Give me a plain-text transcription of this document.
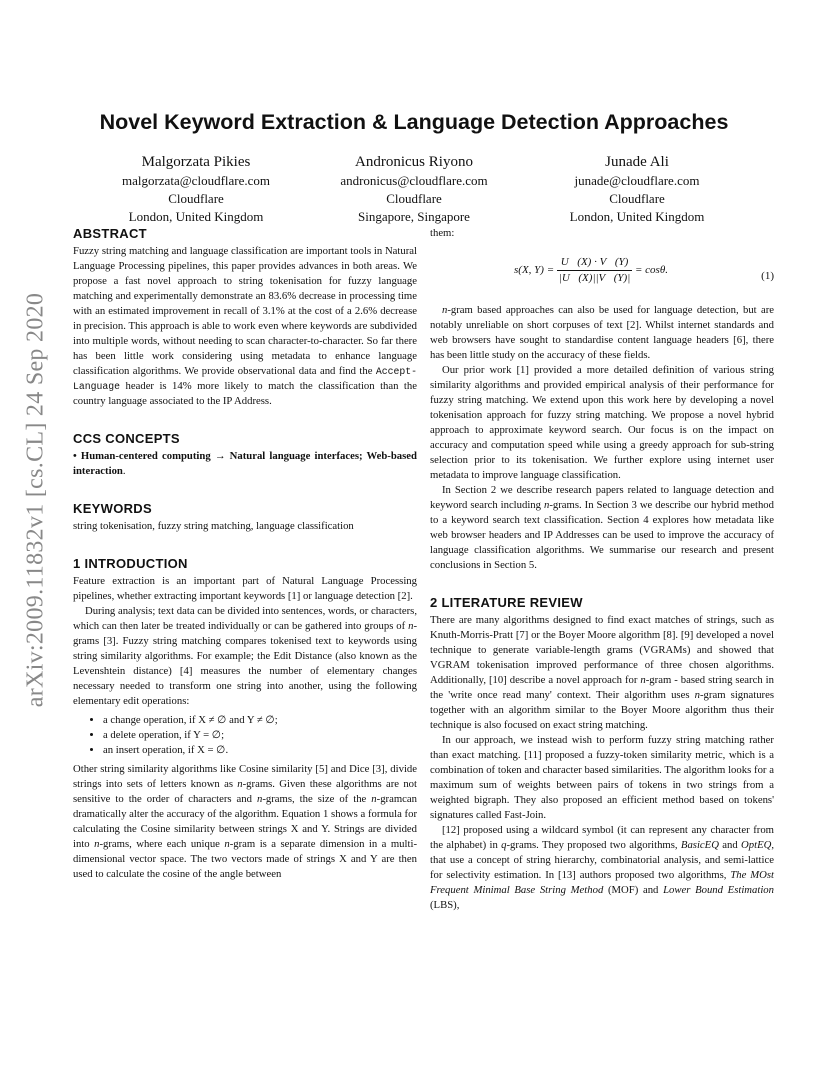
arXiv:2009.11832v1 [cs.CL] 24 Sep 2020
Novel Keyword Extraction & Language Detection Approaches
Malgorzata Pikies
malgorzata@cloudflare.com
Cloudflare
London, United Kingdom
Andronicus Riyono
andronicus@cloudflare.com
Cloudflare
Singapore, Singapore
Junade Ali
junade@cloudflare.com
Cloudflare
London, United Kingdom
ABSTRACT

Fuzzy string matching and language classification are important tools in Natural Language Processing pipelines, this paper provides advances in both areas. We propose a fast novel approach to string tokenisation for fuzzy language matching and experimentally demonstrate an 83.6% decrease in processing time with an estimated improvement in recall of 3.1% at the cost of a 2.6% decrease in precision. This approach is able to work even where keywords are subdivided into multiple words, without needing to scan character-to-character. So far there has been little work considering using metadata to enhance language classification algorithms. We provide observational data and find the Accept-Language header is 14% more likely to match the classification than the country language associated to the IP Address.

CCS CONCEPTS

• Human-centered computing → Natural language interfaces; Web-based interaction.

KEYWORDS

string tokenisation, fuzzy string matching, language classification

1 INTRODUCTION

Feature extraction is an important part of Natural Language Processing pipelines, whether extracting important keywords [1] or language detection [2].

During analysis; text data can be divided into sentences, words, or characters, which can then later be treated individually or can be gathered into groups of n-grams [3]. Fuzzy string matching compares tokenised text to keywords using string similarity algorithms. For example; the Edit Distance (also known as the Levenshtein distance) [4] measures the number of elementary changes necessary needed to transform one string into another, using the following elementary edit operations:

• a change operation, if X ≠ ∅ and Y ≠ ∅;
• a delete operation, if Y = ∅;
• an insert operation, if X = ∅.

Other string similarity algorithms like Cosine similarity [5] and Dice [3], divide strings into sets of letters known as n-grams. Given these algorithms are not sensitive to the order of characters and n-grams, the size of the n-gramcan dramatically alter the accuracy of the algorithm. Equation 1 shows a formula for calculating the Cosine similarity between strings X and Y. Strings are divided into n-grams, where each unique n-gram is a separate dimension in a multi-dimensional vector space. The two vectors made of strings X and Y are then used to calculate the cosine of the angle between

them:

s(X, $Y) = \frac{U⃗(X) \cdot V⃗(Y)}{|U⃗(X)||V⃗(Y)|} = \cos\theta$.	(1)

n-gram based approaches can also be used for language detection, but are notably unreliable on short corpuses of text [2]. Whilst internet standards and web browsers have sought to standardise content language headers [6], there has been little study on the accuracy of these fields.

Our prior work [1] provided a more detailed definition of various string similarity algorithms and provided empirical analysis of their performance for fuzzy string matching. We extend upon this work here by developing a novel tokenisation approach for fuzzy string matching. We propose a novel hybrid approach to approximate keyword search. Our focus is on the impact on accuracy and computation speed while using a greedy approach for sub-string selection prior to its tokenisation. We further explore using internet user metadata to improve language classification.

In Section 2 we describe research papers related to language detection and keyword search including n-grams. In Section 3 we describe our hybrid method to a keyword search text classification. Section 4 explores how metadata like web browser headers and IP Addresses can be used to improve the accuracy of language classification algorithms. We summarise our research and present conclusions in Section 5.

2 LITERATURE REVIEW

There are many algorithms designed to find exact matches of strings, such as Knuth-Morris-Pratt [7] or the Boyer Moore algorithm [8]. [9] developed a novel technique to generate variable-length grams (VGRAMs) and showed that VGRAM tokenisation improved performance of three chosen algorithms. Additionally, [10] describe a novel approach for n-gram - based string search in the 'write once read many' context. Their algorithm uses n-gram signatures together with an algorithm similar to the Boyer Moore algorithm thus their technique is also focused on exact string matching.

In our approach, we instead wish to perform fuzzy string matching rather than exact matching. [11] proposed a fuzzy-token similarity metric, which is a combination of token and character based similarities. The algorithm looks for a maximum sum of weights between pairs of tokens in two strings from a weighted bigraph. They also proposed an efficient method based on tokens' signatures called Fast-Join.

[12] proposed using a wildcard symbol (it can represent any character from the alphabet) in q-grams. They proposed two algorithms, BasicEQ and OptEQ, that use a concept of string hierarchy, combinatorial analysis, and semi-lattice for selectivity estimation. In [13] authors proposed two algorithms, The MOst Frequent Minimal Base String Method (MOF) and Lower Bound Estimation (LBS),
